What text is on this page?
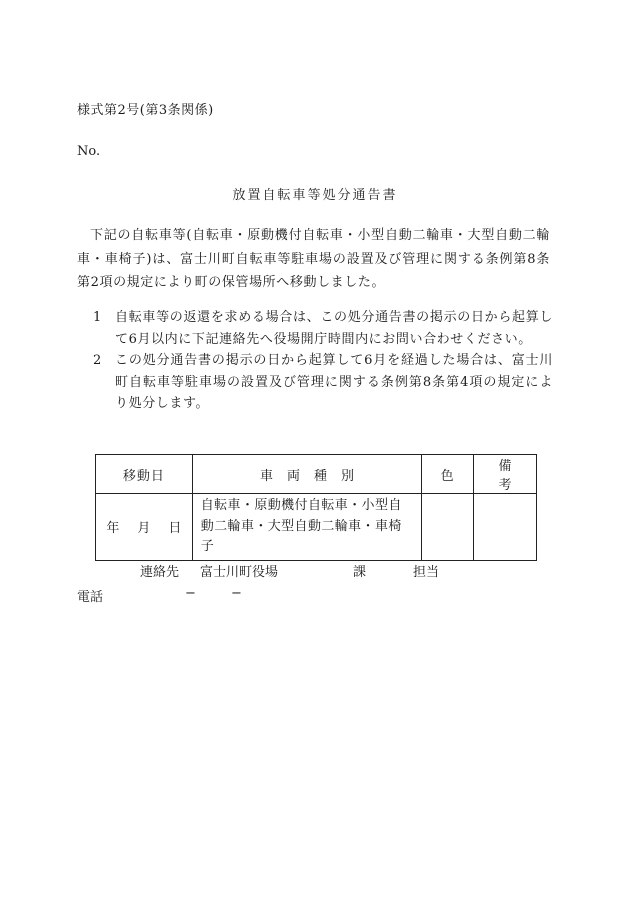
様式第2号(第3条関係)
No.
放置自転車等処分通告書

下記の自転車等(自転車・原動機付自転車・小型自動二輪車・大型自動二輪車・車椅子)は、富士川町自転車等駐車場の設置及び管理に関する条例第8条第2項の規定により町の保管場所へ移動しました。

1 自転車等の返還を求める場合は、この処分通告書の掲示の日から起算して6月以内に下記連絡先へ役場開庁時間内にお問い合わせください。
2 この処分通告書の掲示の日から起算して6月を経過した場合は、富士川町自転車等駐車場の設置及び管理に関する条例第8条第4項の規定により処分します。
移動日	車両種別	色	備考
年 月 日	自転車・原動機付自転車・小型自動二輪車・大型自動二輪車・車椅子		
連絡先 富士川町役場	課	担当
電話	−	−
